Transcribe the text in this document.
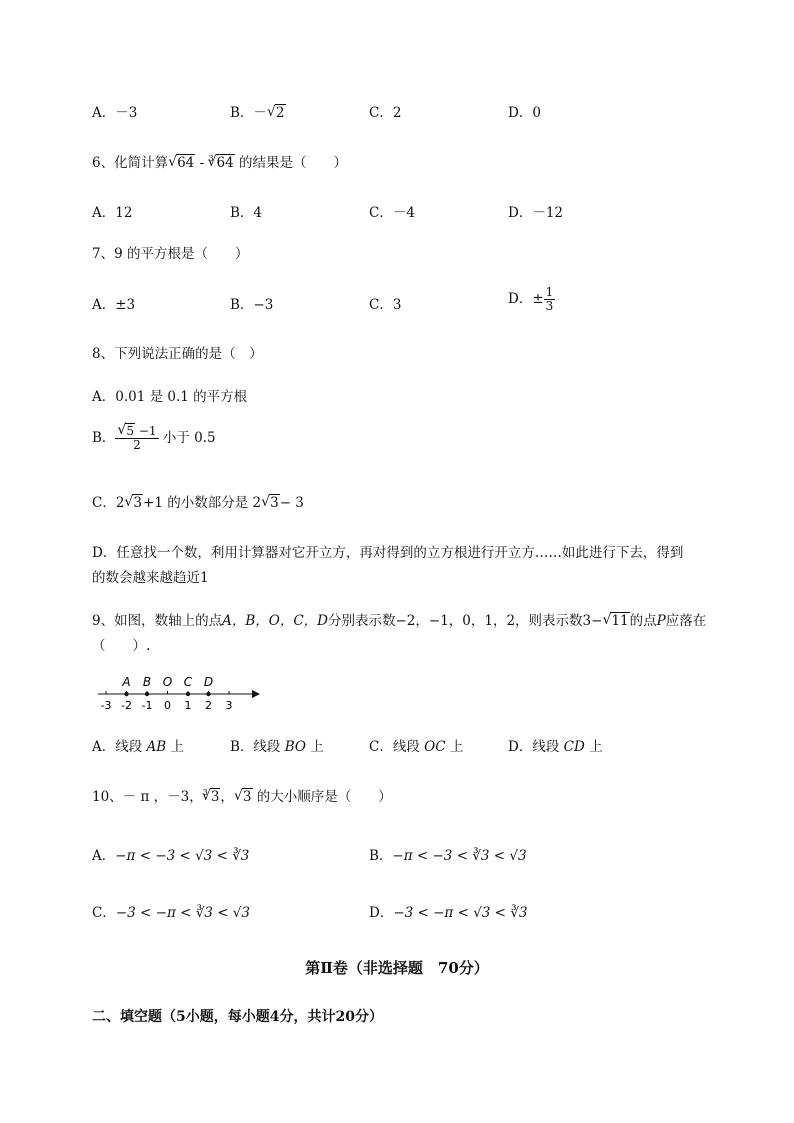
A．－3	B．－ √ 2	C．2	D．0
6、化简计算 √ 64 - $^3$ √ 64 的结果是（　　）
A．12	B．4	C．－4	D．－12
7、9 的平方根是（　　）
A．±3	B．−3	C．3	D．± $\frac{1}{3}$
8、下列说法正确的是（　）
A．0.01 是 0.1 的平方根
B． √ $\frac{5 -1}{2}$ 小于 0.5
C．2 √ 3+1 的小数部分是 2 √ 3− 3
D．任意找一个数，利用计算器对它开立方，再对得到的立方根进行开立方……如此进行下去，得到
的数会越来越趋近1
9、如图，数轴上的点A，B，O，C，D分别表示数−2，−1，0，1，2，则表示数3− √ 11的点P应落在
（　　）.
-3 -2 -1 0 1 2 3
A B O C D
A．线段 AB 上	B．线段 BO 上	C．线段 OC 上	D．线段 CD 上
10、－ π ，－3，$^3$ √ 3， √ 3 的大小顺序是（　　）
A．−π < −3 < √3 < ∛3	B．−π < −3 < ∛3 < √3
C．−3 < −π < ∛3 < √3	D．−3 < −π < √3 < ∛3
第Ⅱ卷（非选择题　70分）
二、填空题（5小题，每小题4分，共计20分）
